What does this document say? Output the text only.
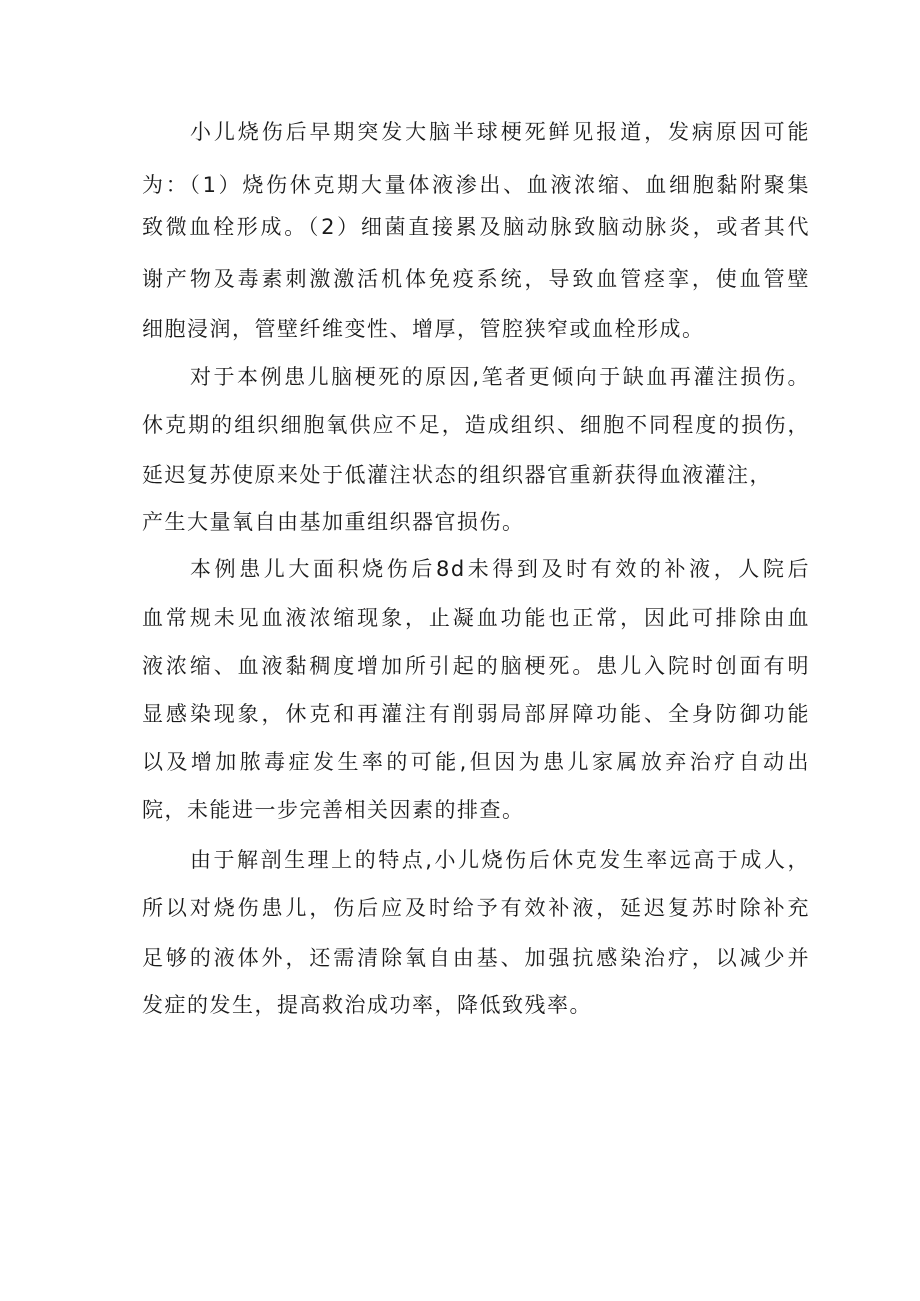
小儿烧伤后早期突发大脑半球梗死鲜见报道，发病原因可能
为：（1）烧伤休克期大量体液渗出、血液浓缩、血细胞黏附聚集
致微血栓形成。（2）细菌直接累及脑动脉致脑动脉炎，或者其代
谢产物及毒素刺激激活机体免疫系统，导致血管痉挛，使血管壁
细胞浸润，管壁纤维变性、增厚，管腔狭窄或血栓形成。
对于本例患儿脑梗死的原因,笔者更倾向于缺血再灌注损伤。
休克期的组织细胞氧供应不足，造成组织、细胞不同程度的损伤，
延迟复苏使原来处于低灌注状态的组织器官重新获得血液灌注，
产生大量氧自由基加重组织器官损伤。
本例患儿大面积烧伤后8d未得到及时有效的补液，人院后
血常规未见血液浓缩现象，止凝血功能也正常，因此可排除由血
液浓缩、血液黏稠度增加所引起的脑梗死。患儿入院时创面有明
显感染现象，休克和再灌注有削弱局部屏障功能、全身防御功能
以及增加脓毒症发生率的可能,但因为患儿家属放弃治疗自动出
院，未能进一步完善相关因素的排查。
由于解剖生理上的特点,小儿烧伤后休克发生率远高于成人，
所以对烧伤患儿，伤后应及时给予有效补液，延迟复苏时除补充
足够的液体外，还需清除氧自由基、加强抗感染治疗，以减少并
发症的发生，提高救治成功率，降低致残率。
